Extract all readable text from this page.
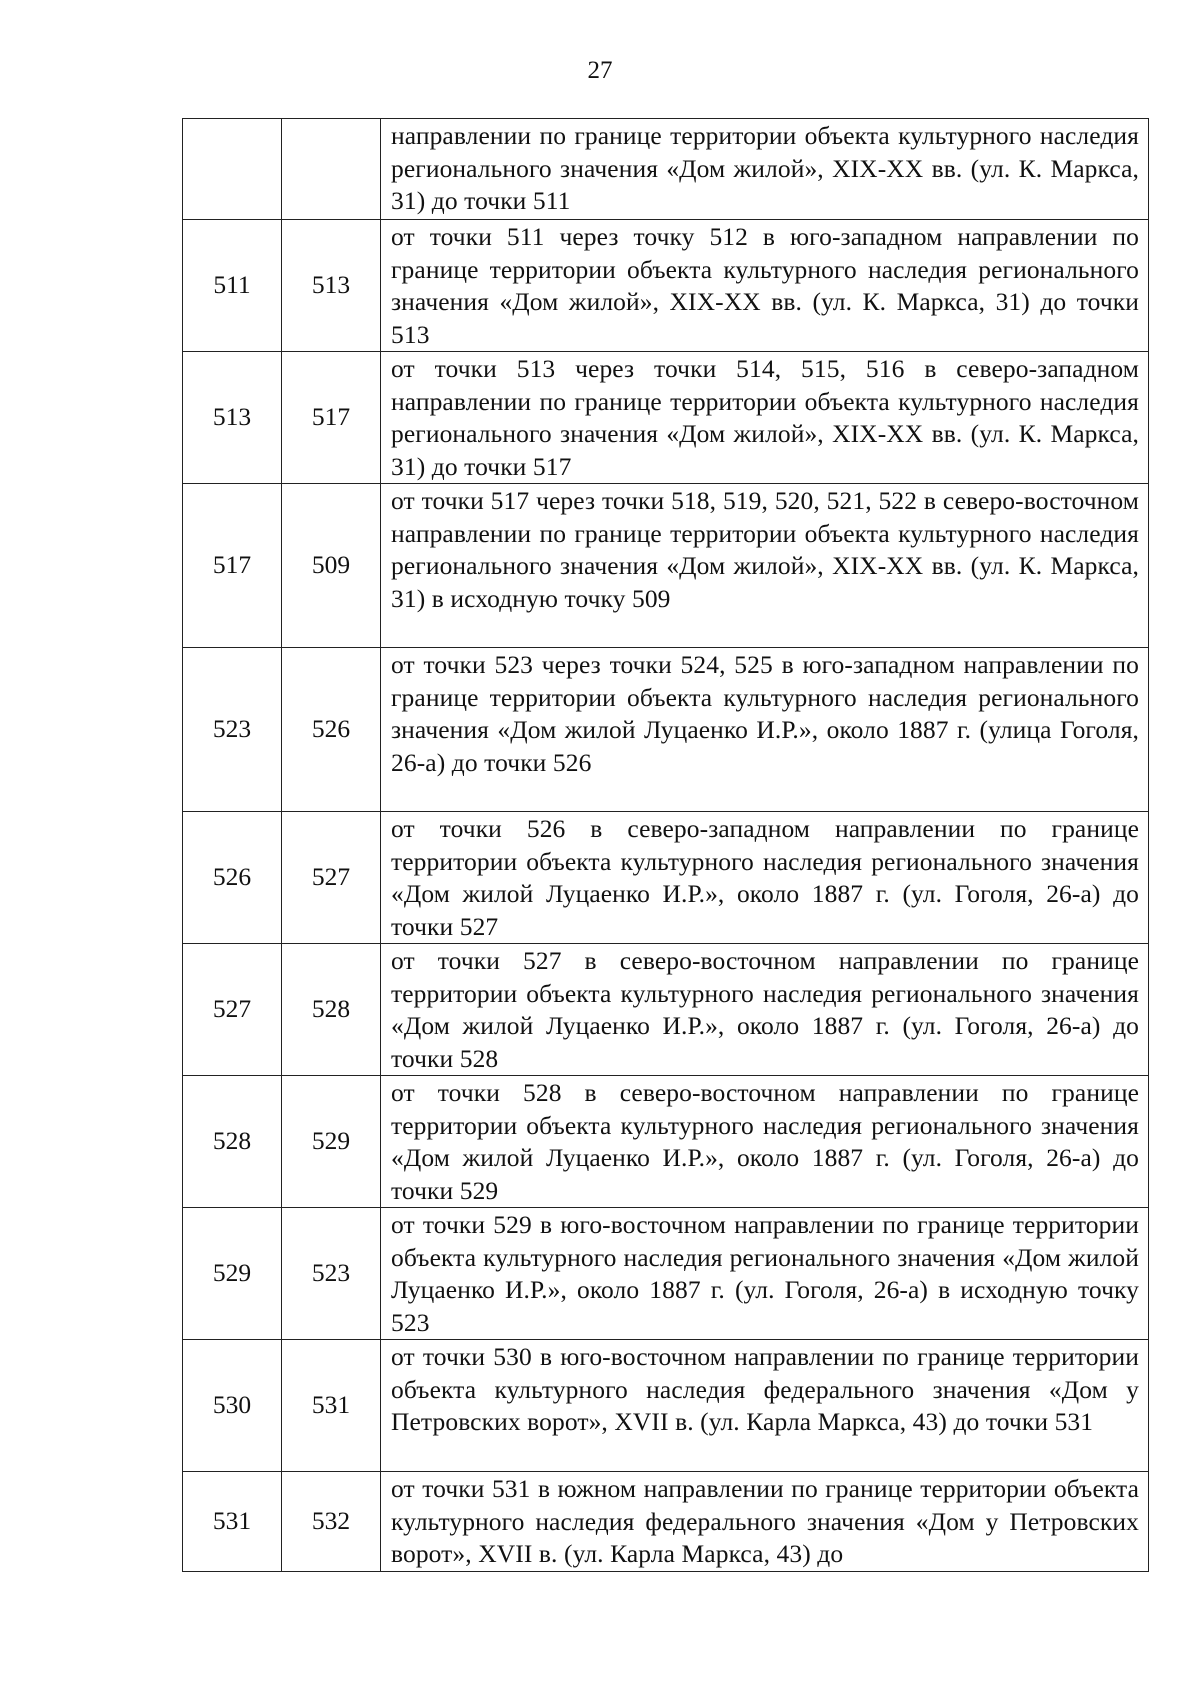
27
		направлении по границе территории объекта культурного наследия регионального значения «Дом жилой», XIX-XX вв. (ул. К. Маркса, 31) до точки 511
511	513	от точки 511 через точку 512 в юго-западном направлении по границе территории объекта культурного наследия регионального значения «Дом жилой», XIX-XX вв. (ул. К. Маркса, 31) до точки 513
513	517	от точки 513 через точки 514, 515, 516 в северо-западном направлении по границе территории объекта культурного наследия регионального значения «Дом жилой», XIX-XX вв. (ул. К. Маркса, 31) до точки 517
517	509	от точки 517 через точки 518, 519, 520, 521, 522 в северо-восточном направлении по границе территории объекта культурного наследия регионального значения «Дом жилой», XIX-XX вв. (ул. К. Маркса, 31) в исходную точку 509
523	526	от точки 523 через точки 524, 525 в юго-западном направлении по границе территории объекта культурного наследия регионального значения «Дом жилой Луцаенко И.Р.», около 1887 г. (улица Гоголя, 26-а) до точки 526
526	527	от точки 526 в северо-западном направлении по границе территории объекта культурного наследия регионального значения «Дом жилой Луцаенко И.Р.», около 1887 г. (ул. Гоголя, 26-а) до точки 527
527	528	от точки 527 в северо-восточном направлении по границе территории объекта культурного наследия регионального значения «Дом жилой Луцаенко И.Р.», около 1887 г. (ул. Гоголя, 26-а) до точки 528
528	529	от точки 528 в северо-восточном направлении по границе территории объекта культурного наследия регионального значения «Дом жилой Луцаенко И.Р.», около 1887 г. (ул. Гоголя, 26-а) до точки 529
529	523	от точки 529 в юго-восточном направлении по границе территории объекта культурного наследия регионального значения «Дом жилой Луцаенко И.Р.», около 1887 г. (ул. Гоголя, 26-а) в исходную точку 523
530	531	от точки 530 в юго-восточном направлении по границе территории объекта культурного наследия федерального значения «Дом у Петровских ворот», XVII в. (ул. Карла Маркса, 43) до точки 531
531	532	от точки 531 в южном направлении по границе территории объекта культурного наследия федерального значения «Дом у Петровских ворот», XVII в. (ул. Карла Маркса, 43) до
